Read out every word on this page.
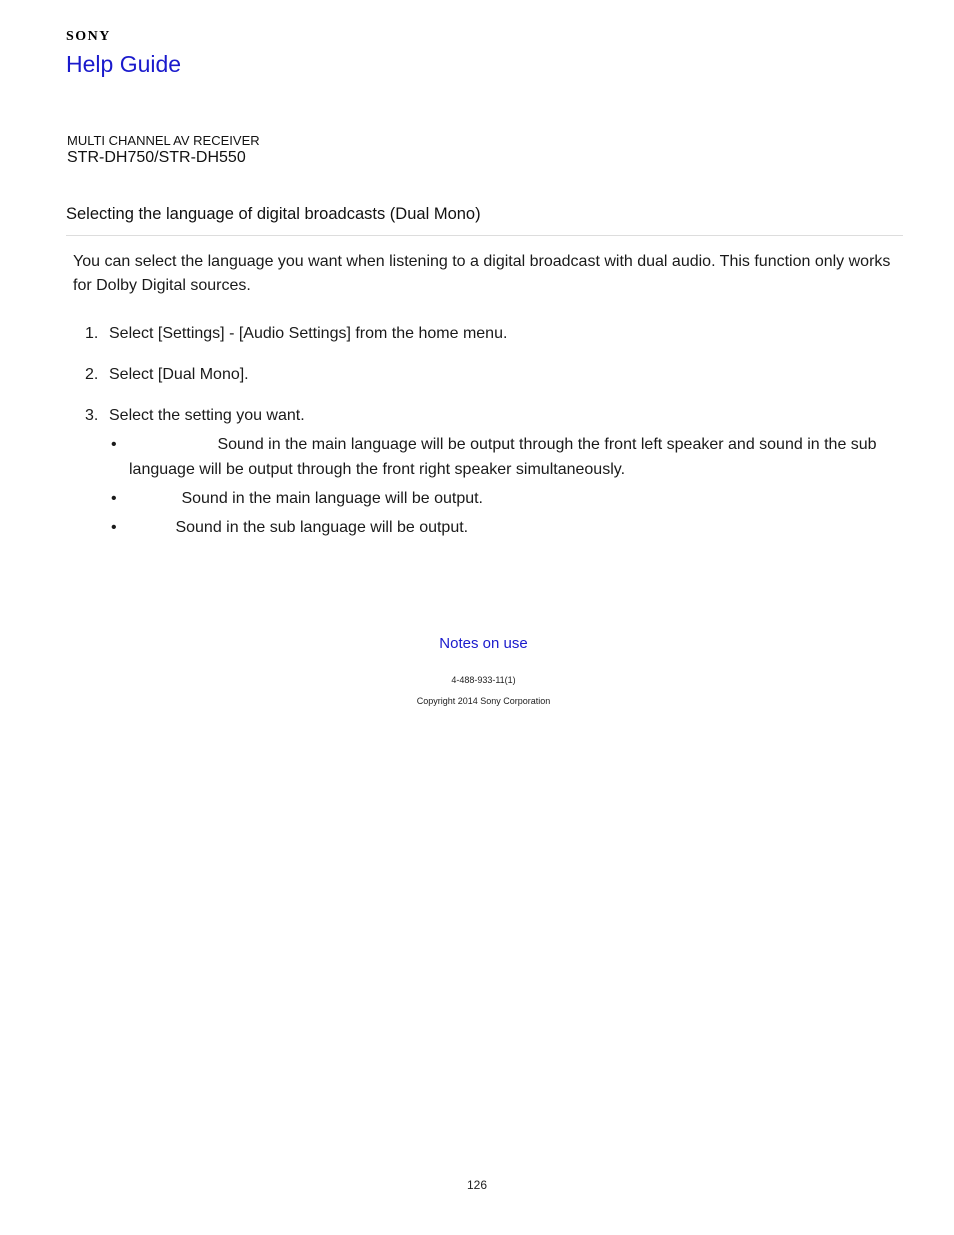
SONY
Help Guide
MULTI CHANNEL AV RECEIVER
STR-DH750/STR-DH550
Selecting the language of digital broadcasts (Dual Mono)
You can select the language you want when listening to a digital broadcast with dual audio. This function only works for Dolby Digital sources.
1. Select [Settings] - [Audio Settings] from the home menu.
2. Select [Dual Mono].
3. Select the setting you want.
•	Sound in the main language will be output through the front left speaker and sound in the sub language will be output through the front right speaker simultaneously.
•	Sound in the main language will be output.
•	Sound in the sub language will be output.
Notes on use
4-488-933-11(1)
Copyright 2014 Sony Corporation
126
